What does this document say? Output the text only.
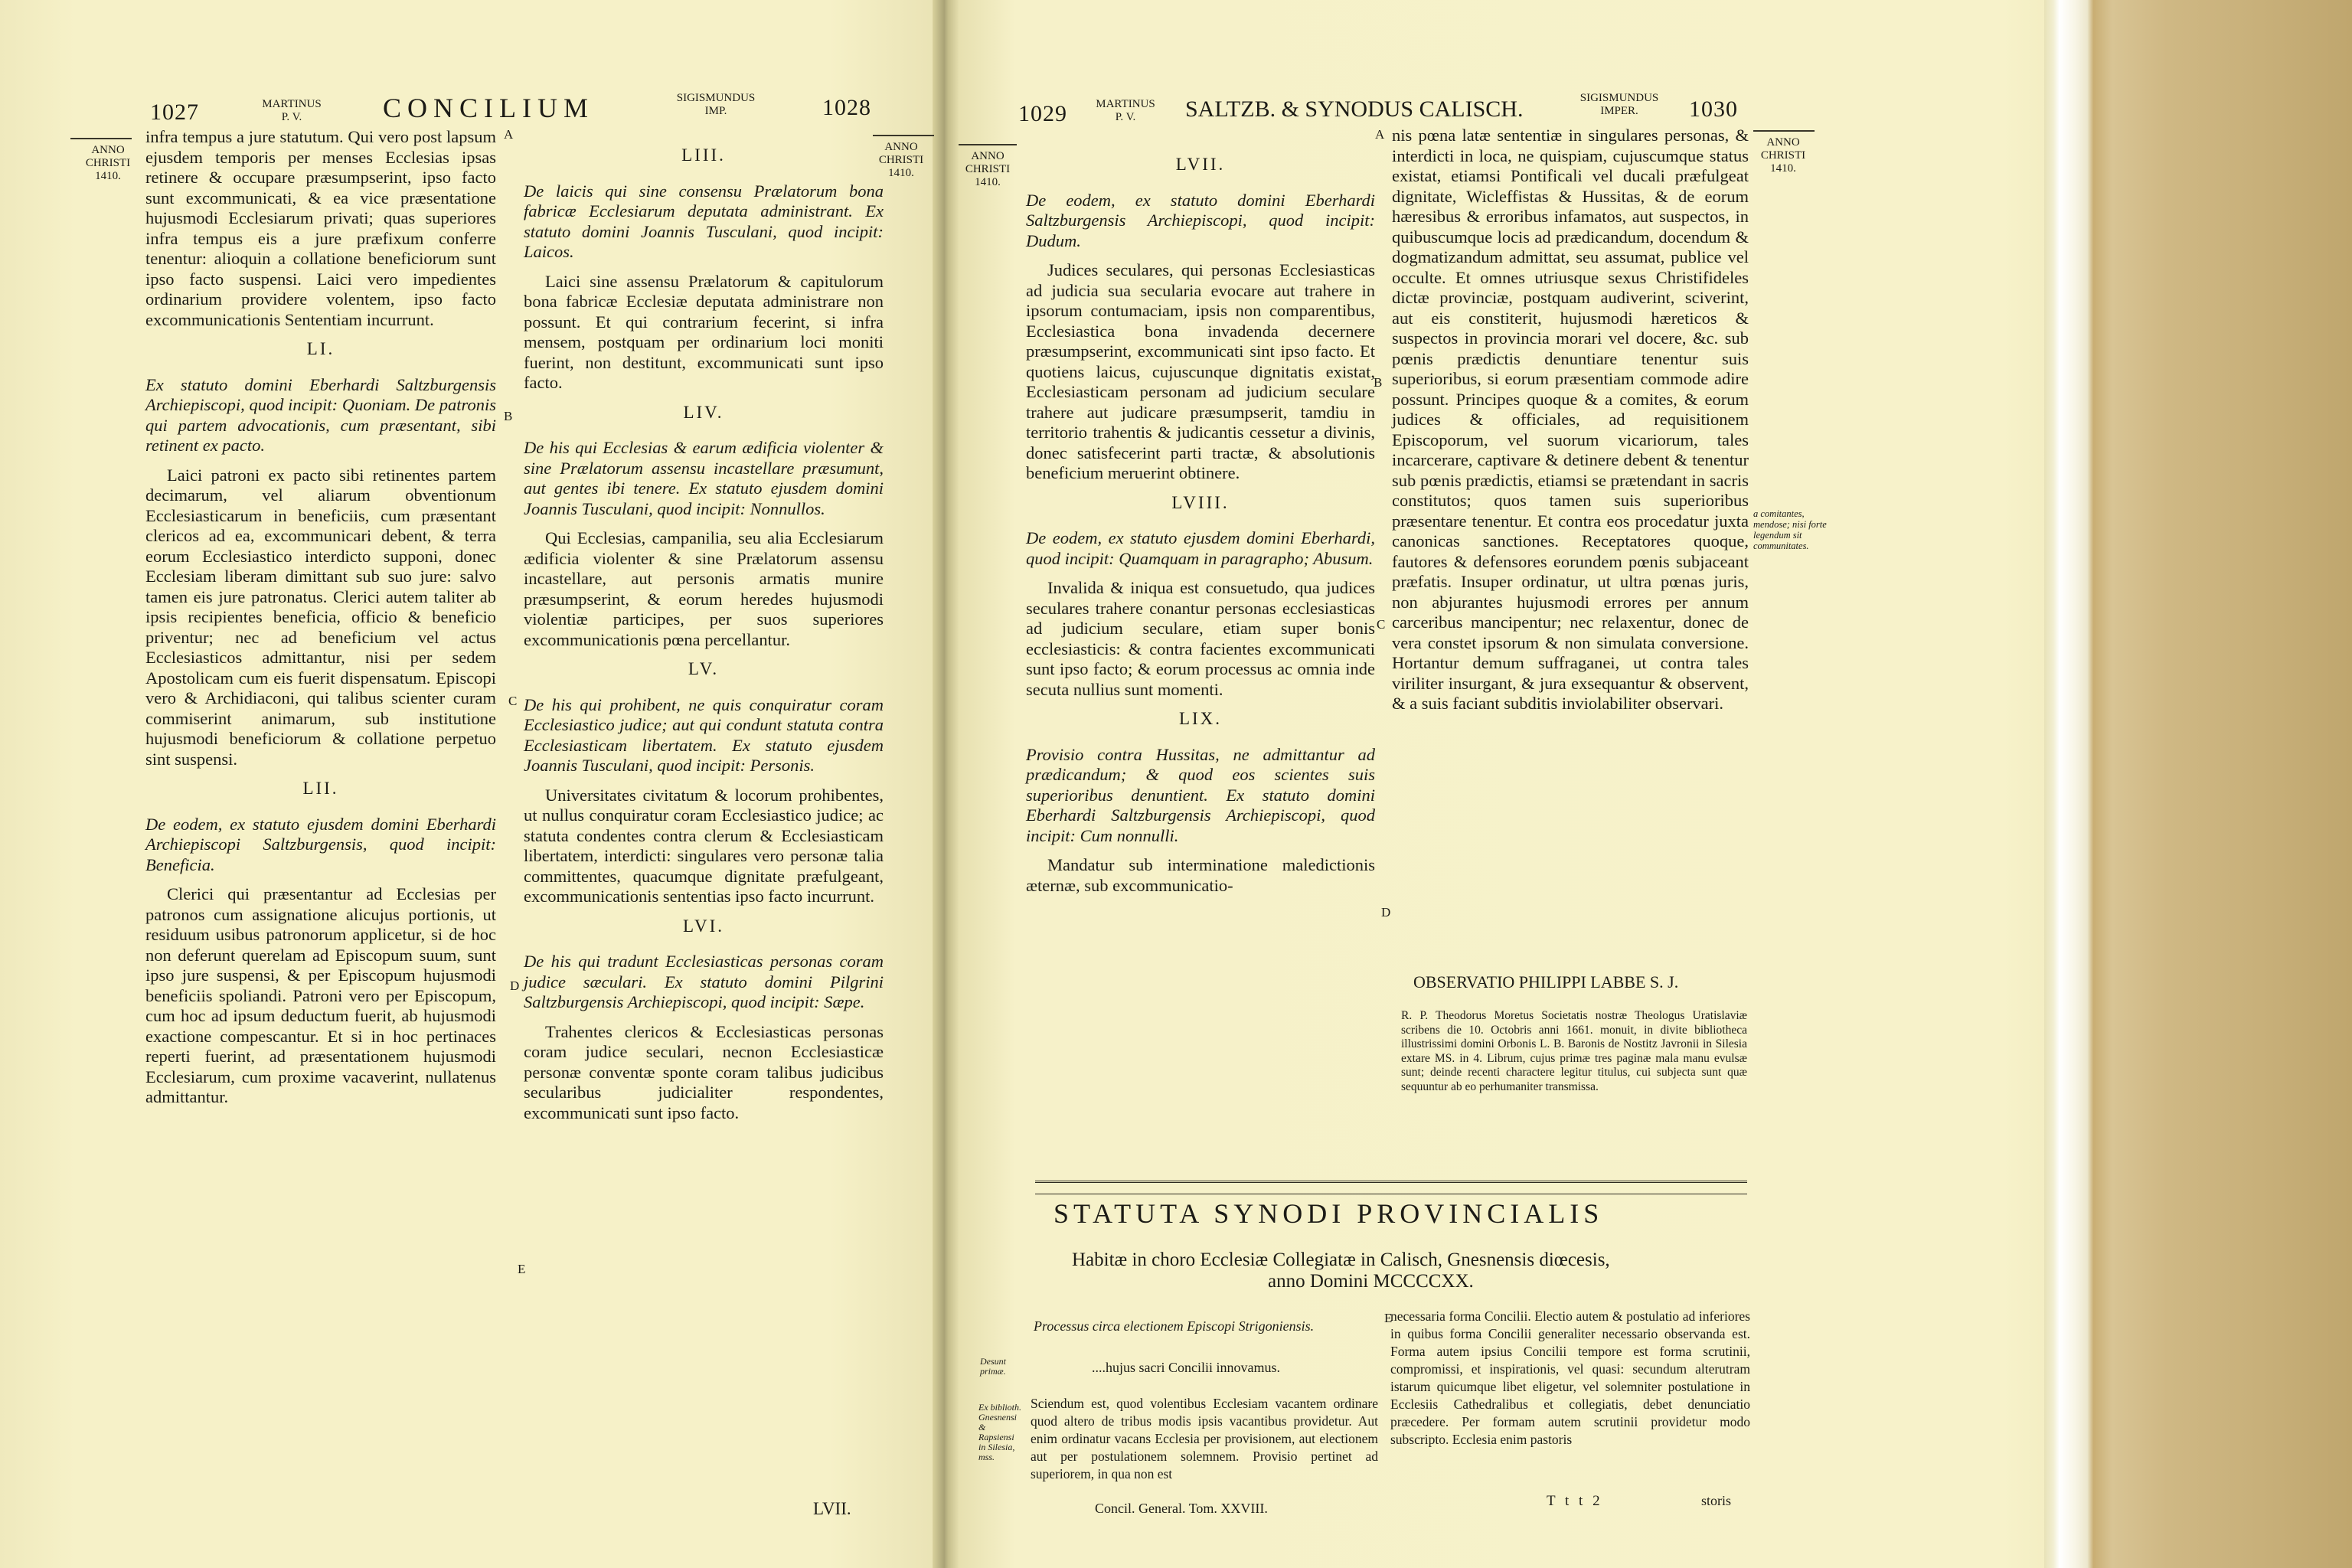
1027	MARTINUS
P. V.	CONCILIUM	SIGISMUNDUS
IMP.	1028
ANNO
CHRISTI
1410.
ANNO
CHRISTI
1410.
A
B
C
D
E

infra tempus a jure statutum. Qui vero post lapsum ejusdem temporis per menses Ecclesias ipsas retinere & occupare præsumpserint, ipso facto sunt excommunicati, & ea vice præsentatione hujusmodi Ecclesiarum privati; quas superiores infra tempus eis a jure præfixum conferre tenentur: alioquin a collatione beneficiorum sunt ipso facto suspensi. Laici vero impedientes ordinarium providere volentem, ipso facto excommunicationis Sententiam incurrunt.

LI.

Ex statuto domini Eberhardi Saltzburgensis Archiepiscopi, quod incipit: Quoniam. De patronis qui partem advocationis, cum præsentant, sibi retinent ex pacto.

Laici patroni ex pacto sibi retinentes partem decimarum, vel aliarum obventionum Ecclesiasticarum in beneficiis, cum præsentant clericos ad ea, excommunicari debent, & terra eorum Ecclesiastico interdicto supponi, donec Ecclesiam liberam dimittant sub suo jure: salvo tamen eis jure patronatus. Clerici autem taliter ab ipsis recipientes beneficia, officio & beneficio priventur; nec ad beneficium vel actus Ecclesiasticos admittantur, nisi per sedem Apostolicam cum eis fuerit dispensatum. Episcopi vero & Archidiaconi, qui talibus scienter curam commiserint animarum, sub institutione hujusmodi beneficiorum & collatione perpetuo sint suspensi.

LII.

De eodem, ex statuto ejusdem domini Eberhardi Archiepiscopi Saltzburgensis, quod incipit: Beneficia.

Clerici qui præsentantur ad Ecclesias per patronos cum assignatione alicujus portionis, ut residuum usibus patronorum applicetur, si de hoc non deferunt querelam ad Episcopum suum, sunt ipso jure suspensi, & per Episcopum hujusmodi beneficiis spoliandi. Patroni vero per Episcopum, cum hoc ad ipsum deductum fuerit, ab hujusmodi exactione compescantur. Et si in hoc pertinaces reperti fuerint, ad præsentationem hujusmodi Ecclesiarum, cum proxime vacaverint, nullatenus admittantur.

LIII.

De laicis qui sine consensu Prælatorum bona fabricæ Ecclesiarum deputata administrant. Ex statuto domini Joannis Tusculani, quod incipit: Laicos.

Laici sine assensu Prælatorum & capitulorum bona fabricæ Ecclesiæ deputata administrare non possunt. Et qui contrarium fecerint, si infra mensem, postquam per ordinarium loci moniti fuerint, non destitunt, excommunicati sunt ipso facto.

LIV.

De his qui Ecclesias & earum ædificia violenter & sine Prælatorum assensu incastellare præsumunt, aut gentes ibi tenere. Ex statuto ejusdem domini Joannis Tusculani, quod incipit: Nonnullos.

Qui Ecclesias, campanilia, seu alia Ecclesiarum ædificia violenter & sine Prælatorum assensu incastellare, aut personis armatis munire præsumpserint, & eorum heredes hujusmodi violentiæ participes, per suos superiores excommunicationis pœna percellantur.

LV.

De his qui prohibent, ne quis conquiratur coram Ecclesiastico judice; aut qui condunt statuta contra Ecclesiasticam libertatem. Ex statuto ejusdem Joannis Tusculani, quod incipit: Personis.

Universitates civitatum & locorum prohibentes, ut nullus conquiratur coram Ecclesiastico judice; ac statuta condentes contra clerum & Ecclesiasticam libertatem, interdicti: singulares vero personæ talia committentes, quacumque dignitate præfulgeant, excommunicationis sententias ipso facto incurrunt.

LVI.

De his qui tradunt Ecclesiasticas personas coram judice sæculari. Ex statuto domini Pilgrini Saltzburgensis Archiepiscopi, quod incipit: Sæpe.

Trahentes clericos & Ecclesiasticas personas coram judice seculari, necnon Ecclesiasticæ personæ conventæ sponte coram talibus judicibus secularibus judicialiter respondentes, excommunicati sunt ipso facto.

LVII.
1029	MARTINUS
P. V.	SALTZB. & SYNODUS CALISCH.	SIGISMUNDUS
IMPER.	1030
ANNO
CHRISTI
1410.
ANNO
CHRISTI
1410.
A
B
C
D
E
LVII.

De eodem, ex statuto domini Eberhardi Saltzburgensis Archiepiscopi, quod incipit: Dudum.

Judices seculares, qui personas Ecclesiasticas ad judicia sua secularia evocare aut trahere in ipsorum contumaciam, ipsis non comparentibus, Ecclesiastica bona invadenda decernere præsumpserint, excommunicati sint ipso facto. Et quotiens laicus, cujuscunque dignitatis existat, Ecclesiasticam personam ad judicium seculare trahere aut judicare præsumpserit, tamdiu in territorio trahentis & judicantis cessetur a divinis, donec satisfecerint parti tractæ, & absolutionis beneficium meruerint obtinere.

LVIII.

De eodem, ex statuto ejusdem domini Eberhardi, quod incipit: Quamquam in paragrapho; Abusum.

Invalida & iniqua est consuetudo, qua judices seculares trahere conantur personas ecclesiasticas ad judicium seculare, etiam super bonis ecclesiasticis: & contra facientes excommunicati sunt ipso facto; & eorum processus ac omnia inde secuta nullius sunt momenti.

LIX.

Provisio contra Hussitas, ne admittantur ad prædicandum; & quod eos scientes suis superioribus denuntient. Ex statuto domini Eberhardi Saltzburgensis Archiepiscopi, quod incipit: Cum nonnulli.

Mandatur sub interminatione maledictionis æternæ, sub excommunicatio-

nis pœna latæ sententiæ in singulares personas, & interdicti in loca, ne quispiam, cujuscumque status existat, etiamsi Pontificali vel ducali præfulgeat dignitate, Wicleffistas & Hussitas, & de eorum hæresibus & erroribus infamatos, aut suspectos, in quibuscumque locis ad prædicandum, docendum & dogmatizandum admittat, seu assumat, publice vel occulte. Et omnes utriusque sexus Christifideles dictæ provinciæ, postquam audiverint, sciverint, aut eis constiterit, hujusmodi hæreticos & suspectos in provincia morari vel docere, &c. sub pœnis prædictis denuntiare tenentur suis superioribus, si eorum præsentiam commode adire possunt. Principes quoque & a comites, & eorum judices & officiales, ad requisitionem Episcoporum, vel suorum vicariorum, tales incarcerare, captivare & detinere debent & tenentur sub pœnis prædictis, etiamsi se prætendant in sacris constitutos; quos tamen suis superioribus præsentare tenentur. Et contra eos procedatur juxta canonicas sanctiones. Receptatores quoque, fautores & defensores eorundem pœnis subjaceant præfatis. Insuper ordinatur, ut ultra pœnas juris, non abjurantes hujusmodi errores per annum carceribus mancipentur; nec relaxentur, donec de vera constet ipsorum & non simulata conversione. Hortantur demum suffraganei, ut contra tales viriliter insurgant, & jura exsequantur & observent, & a suis faciant subditis inviolabiliter observari.

a comitantes, mendose; nisi forte legendum sit communitates.
OBSERVATIO PHILIPPI LABBE S. J.
R. P. Theodorus Moretus Societatis nostræ Theologus Uratislaviæ scribens die 10. Octobris anni 1661. monuit, in divite bibliotheca illustrissimi domini Orbonis L. B. Baronis de Nostitz Javronii in Silesia extare MS. in 4. Librum, cujus primæ tres paginæ mala manu evulsæ sunt; deinde recenti charactere legitur titulus, cui subjecta sunt quæ sequuntur ab eo perhumaniter transmissa.
STATUTA SYNODI PROVINCIALIS
Habitæ in choro Ecclesiæ Collegiatæ in Calisch, Gnesnensis diœcesis,
anno Domini MCCCCXX.
Processus circa electionem Episcopi Strigoniensis.
Desunt primæ.	....hujus sacri Concilii innovamus.
Ex biblioth. Gnesnensi & Rapsiensi in Silesia, mss.
Sciendum est, quod volentibus Ecclesiam vacantem ordinare quod altero de tribus modis ipsis vacantibus providetur. Aut enim ordinatur vacans Ecclesia per provisionem, aut electionem aut per postulationem solemnem. Provisio pertinet ad superiorem, in qua non est
necessaria forma Concilii. Electio autem & postulatio ad inferiores in quibus forma Concilii generaliter necessario observanda est. Forma autem ipsius Concilii tempore est forma scrutinii, compromissi, et inspirationis, vel quasi: secundum alterutram istarum quicumque libet eligetur, vel solemniter postulatione in Ecclesiis Cathedralibus et collegiatis, debet denunciatio præcedere. Per formam autem scrutinii providetur modo subscripto. Ecclesia enim pastoris
Concil. General. Tom. XXVIII.	T t t 2	storis
